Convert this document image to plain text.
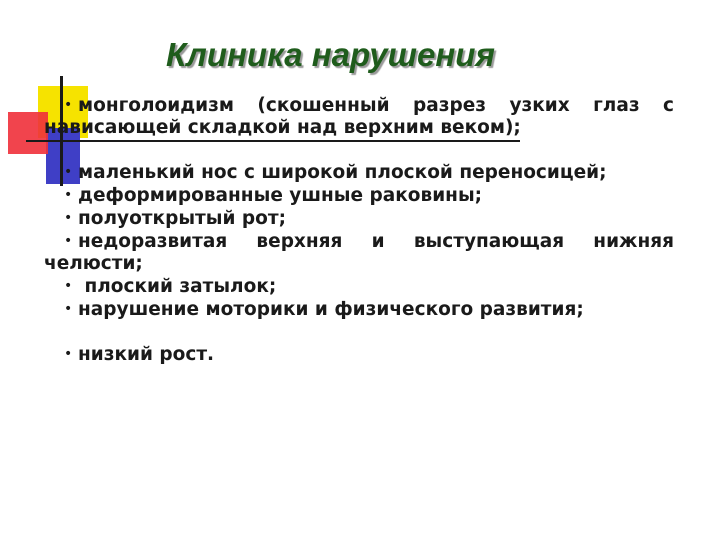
Клиника нарушения

• монголоидизм (скошенный разрез узких глаз с нависающей складкой над верхним веком);

• маленький нос с широкой плоской переносицей;

• деформированные ушные раковины;

• полуоткрытый рот;

• недоразвитая верхняя и выступающая нижняя челюсти;

• плоский затылок;

• нарушение моторики и физического развития;

• низкий рост.
